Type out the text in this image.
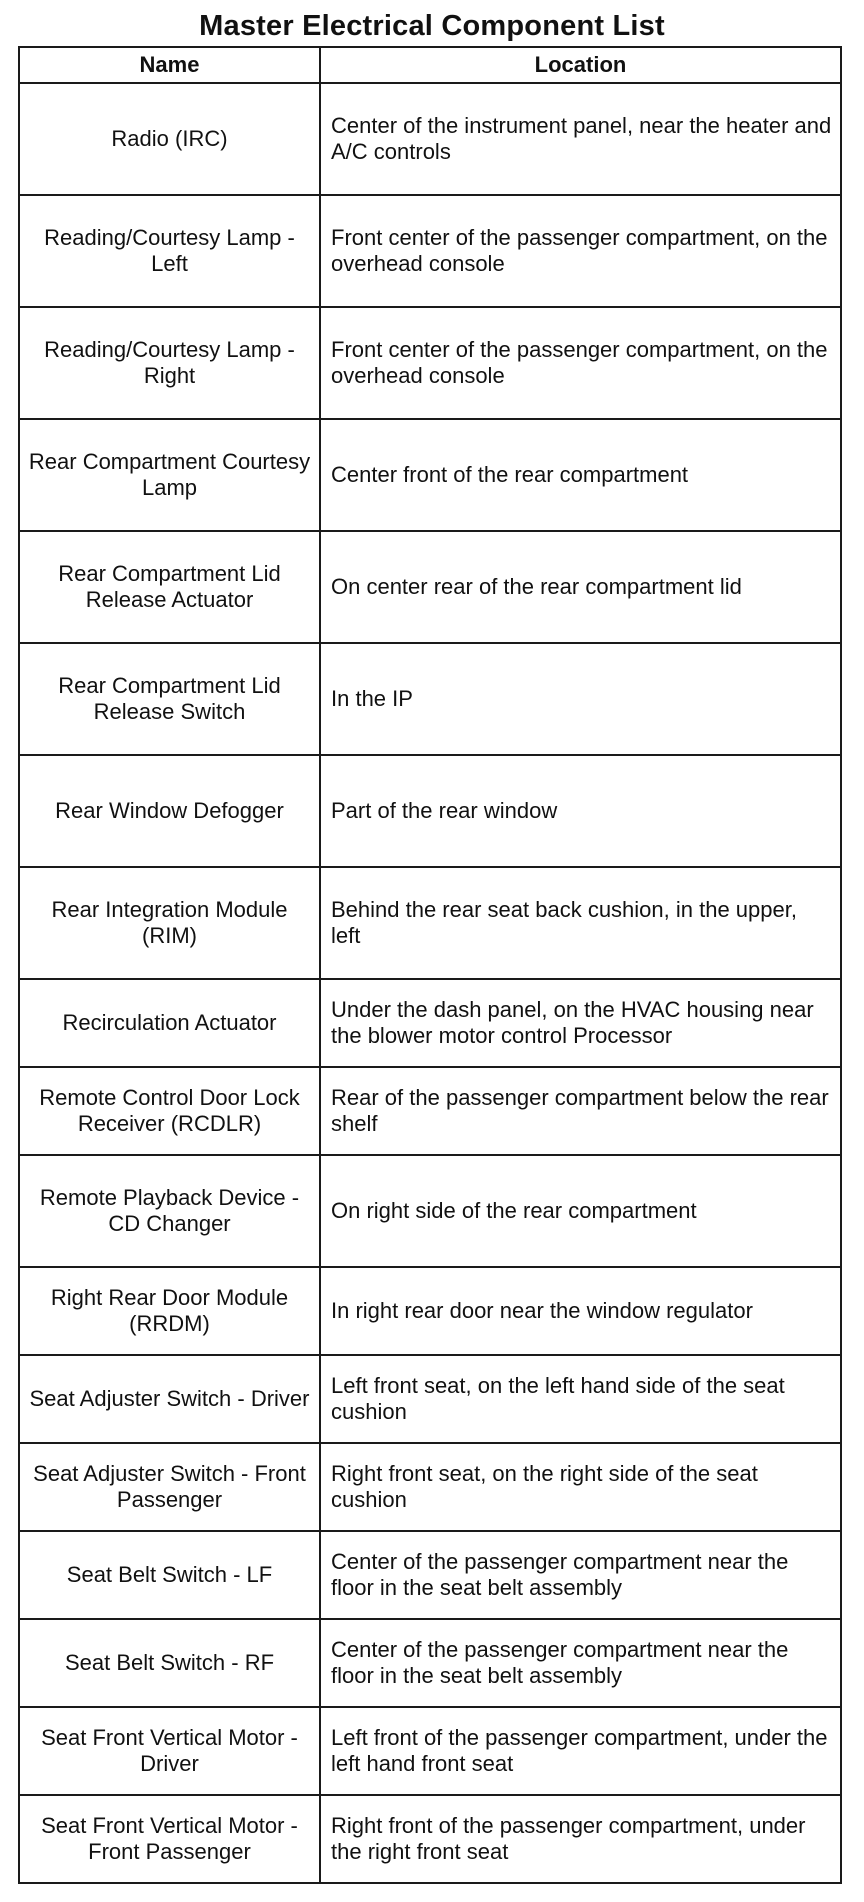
Master Electrical Component List
Name	Location
Radio (IRC)	Center of the instrument panel, near the heater and A/C controls
Reading/Courtesy Lamp - Left	Front center of the passenger compartment, on the overhead console
Reading/Courtesy Lamp - Right	Front center of the passenger compartment, on the overhead console
Rear Compartment Courtesy Lamp	Center front of the rear compartment
Rear Compartment Lid Release Actuator	On center rear of the rear compartment lid
Rear Compartment Lid Release Switch	In the IP
Rear Window Defogger	Part of the rear window
Rear Integration Module (RIM)	Behind the rear seat back cushion, in the upper, left
Recirculation Actuator	Under the dash panel, on the HVAC housing near the blower motor control Processor
Remote Control Door Lock Receiver (RCDLR)	Rear of the passenger compartment below the rear shelf
Remote Playback Device - CD Changer	On right side of the rear compartment
Right Rear Door Module (RRDM)	In right rear door near the window regulator
Seat Adjuster Switch - Driver	Left front seat, on the left hand side of the seat cushion
Seat Adjuster Switch - Front Passenger	Right front seat, on the right side of the seat cushion
Seat Belt Switch - LF	Center of the passenger compartment near the floor in the seat belt assembly
Seat Belt Switch - RF	Center of the passenger compartment near the floor in the seat belt assembly
Seat Front Vertical Motor - Driver	Left front of the passenger compartment, under the left hand front seat
Seat Front Vertical Motor - Front Passenger	Right front of the passenger compartment, under the right front seat
